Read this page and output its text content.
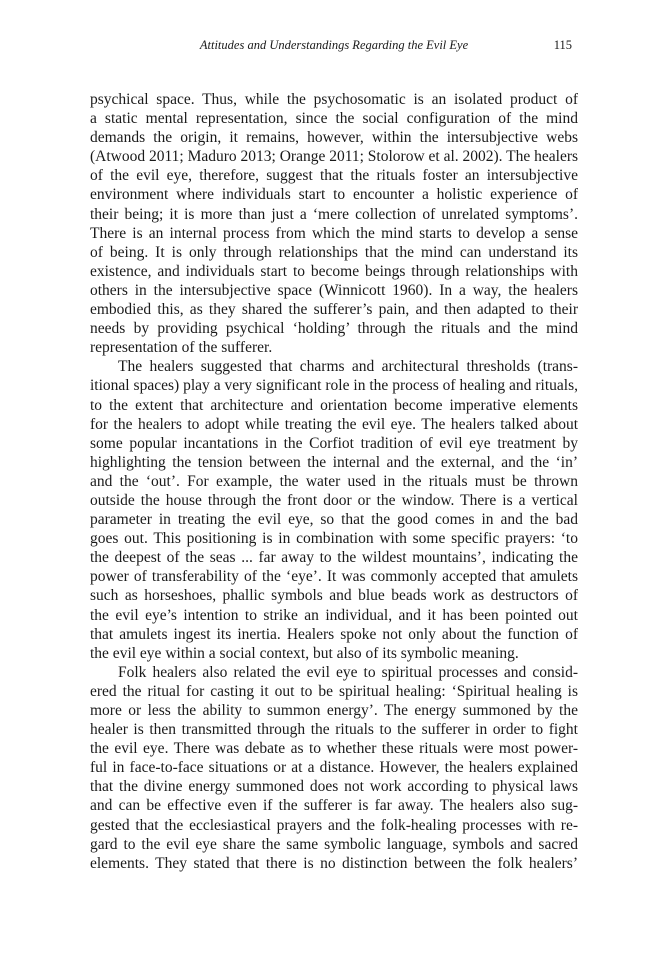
Attitudes and Understandings Regarding the Evil Eye	115
psychical space. Thus, while the psychosomatic is an isolated product of
a static mental representation, since the social configuration of the mind
demands the origin, it remains, however, within the intersubjective webs
(Atwood 2011; Maduro 2013; Orange 2011; Stolorow et al. 2002). The healers
of the evil eye, therefore, suggest that the rituals foster an intersubjective
environment where individuals start to encounter a holistic experience of
their being; it is more than just a ‘mere collection of unrelated symptoms’.
There is an internal process from which the mind starts to develop a sense
of being. It is only through relationships that the mind can understand its
existence, and individuals start to become beings through relationships with
others in the intersubjective space (Winnicott 1960). In a way, the healers
embodied this, as they shared the sufferer’s pain, and then adapted to their
needs by providing psychical ‘holding’ through the rituals and the mind
representation of the sufferer.
The healers suggested that charms and architectural thresholds (trans-
itional spaces) play a very significant role in the process of healing and rituals,
to the extent that architecture and orientation become imperative elements
for the healers to adopt while treating the evil eye. The healers talked about
some popular incantations in the Corfiot tradition of evil eye treatment by
highlighting the tension between the internal and the external, and the ‘in’
and the ‘out’. For example, the water used in the rituals must be thrown
outside the house through the front door or the window. There is a vertical
parameter in treating the evil eye, so that the good comes in and the bad
goes out. This positioning is in combination with some specific prayers: ‘to
the deepest of the seas ... far away to the wildest mountains’, indicating the
power of transferability of the ‘eye’. It was commonly accepted that amulets
such as horseshoes, phallic symbols and blue beads work as destructors of
the evil eye’s intention to strike an individual, and it has been pointed out
that amulets ingest its inertia. Healers spoke not only about the function of
the evil eye within a social context, but also of its symbolic meaning.
Folk healers also related the evil eye to spiritual processes and consid-
ered the ritual for casting it out to be spiritual healing: ‘Spiritual healing is
more or less the ability to summon energy’. The energy summoned by the
healer is then transmitted through the rituals to the sufferer in order to fight
the evil eye. There was debate as to whether these rituals were most power-
ful in face-to-face situations or at a distance. However, the healers explained
that the divine energy summoned does not work according to physical laws
and can be effective even if the sufferer is far away. The healers also sug-
gested that the ecclesiastical prayers and the folk-healing processes with re-
gard to the evil eye share the same symbolic language, symbols and sacred
elements. They stated that there is no distinction between the folk healers’
